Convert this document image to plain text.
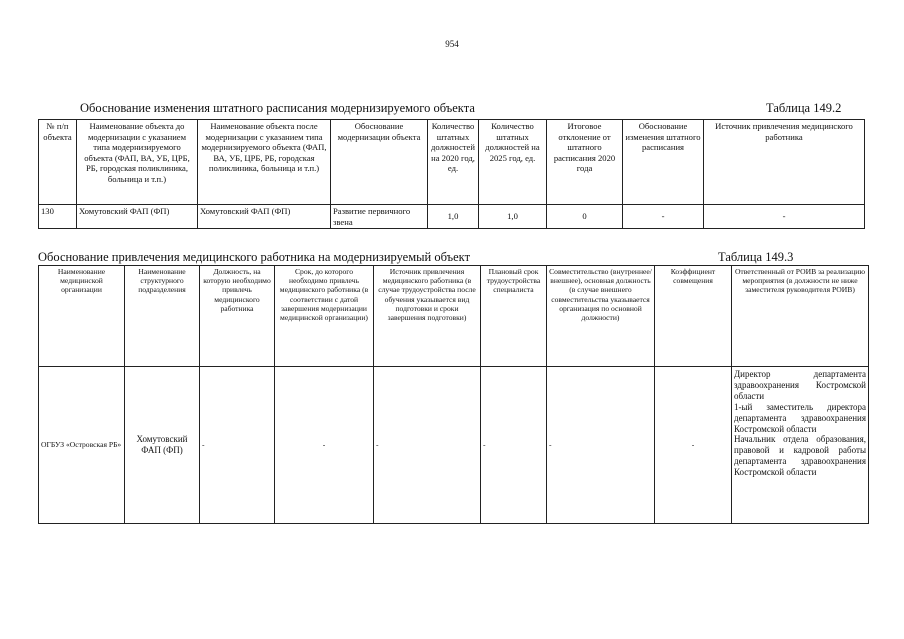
954
Обоснование изменения штатного расписания модернизируемого объекта	Таблица 149.2
№ п/п объекта	Наименование объекта до модернизации с указанием типа модернизируемого объекта (ФАП, ВА, УБ, ЦРБ, РБ, городская поликлиника, больница и т.п.)	Наименование объекта после модернизации с указанием типа модернизируемого объекта (ФАП, ВА, УБ, ЦРБ, РБ, городская поликлиника, больница и т.п.)	Обоснование модернизации объекта	Количество штатных должностей на 2020 год, ед.	Количество штатных должностей на 2025 год, ед.	Итоговое отклонение от штатного расписания 2020 года	Обоснование изменения штатного расписания	Источник привлечения медицинского работника
130	Хомутовский ФАП (ФП)	Хомутовский ФАП (ФП)	Развитие первичного звена	1,0	1,0	0	-	-
Обоснование привлечения медицинского работника на модернизируемый объект	Таблица 149.3
Наименование медицинской организации	Наименование структурного подразделения	Должность, на которую необходимо привлечь медицинского работника	Срок, до которого необходимо привлечь медицинского работника (в соответствии с датой завершения модернизации медицинской организации)	Источник привлечения медицинского работника (в случае трудоустройства после обучения указывается вид подготовки и сроки завершения подготовки)	Плановый срок трудоустройства специалиста	Совместительство (внутреннее/внешнее), основная должность (в случае внешнего совместительства указывается организация по основной должности)	Коэффициент совмещения	Ответственный от РОИВ за реализацию мероприятия (в должности не ниже заместителя руководителя РОИВ)
ОГБУЗ «Островская РБ»	Хомутовский ФАП (ФП)	-	-	-	-	-	-	Директор департамента здравоохранения Костромской области
1-ый заместитель директора департамента здравоохранения Костромской области
Начальник отдела образования, правовой и кадровой работы департамента здравоохранения Костромской области
